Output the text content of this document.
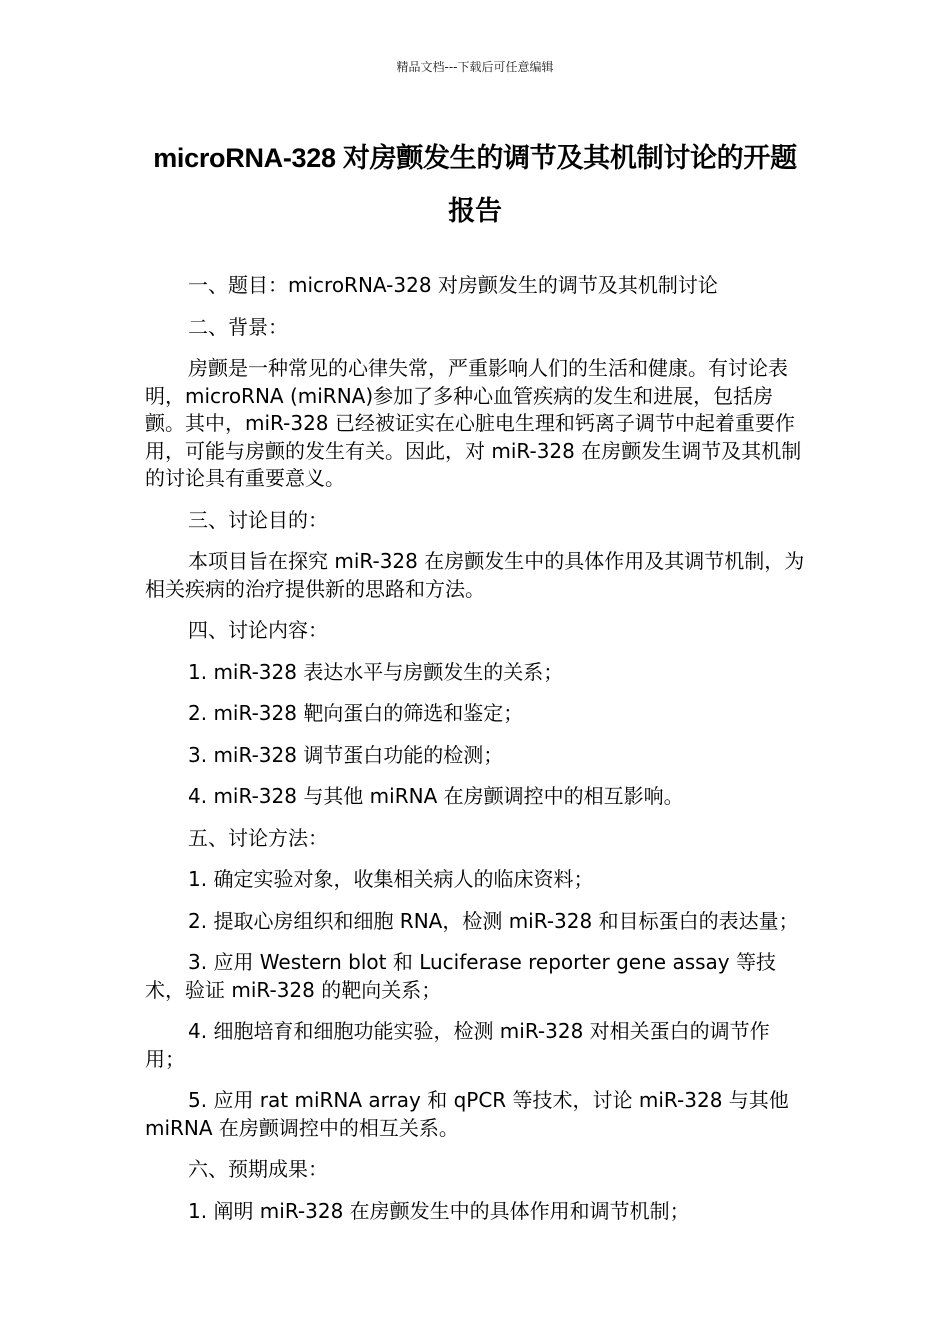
精品文档---下载后可任意编辑
microRNA-328 对房颤发生的调节及其机制讨论的开题报告

一、题目：microRNA-328 对房颤发生的调节及其机制讨论

二、背景：

房颤是一种常见的心律失常，严重影响人们的生活和健康。有讨论表明，microRNA (miRNA)参加了多种心血管疾病的发生和进展，包括房颤。其中，miR-328 已经被证实在心脏电生理和钙离子调节中起着重要作用，可能与房颤的发生有关。因此，对 miR-328 在房颤发生调节及其机制的讨论具有重要意义。

三、讨论目的：

本项目旨在探究 miR-328 在房颤发生中的具体作用及其调节机制，为相关疾病的治疗提供新的思路和方法。

四、讨论内容：

1. miR-328 表达水平与房颤发生的关系；

2. miR-328 靶向蛋白的筛选和鉴定；

3. miR-328 调节蛋白功能的检测；

4. miR-328 与其他 miRNA 在房颤调控中的相互影响。

五、讨论方法：

1. 确定实验对象，收集相关病人的临床资料；

2. 提取心房组织和细胞 RNA，检测 miR-328 和目标蛋白的表达量；

3. 应用 Western blot 和 Luciferase reporter gene assay 等技术，验证 miR-328 的靶向关系；

4. 细胞培育和细胞功能实验，检测 miR-328 对相关蛋白的调节作用；

5. 应用 rat miRNA array 和 qPCR 等技术，讨论 miR-328 与其他 miRNA 在房颤调控中的相互关系。

六、预期成果：

1. 阐明 miR-328 在房颤发生中的具体作用和调节机制；
